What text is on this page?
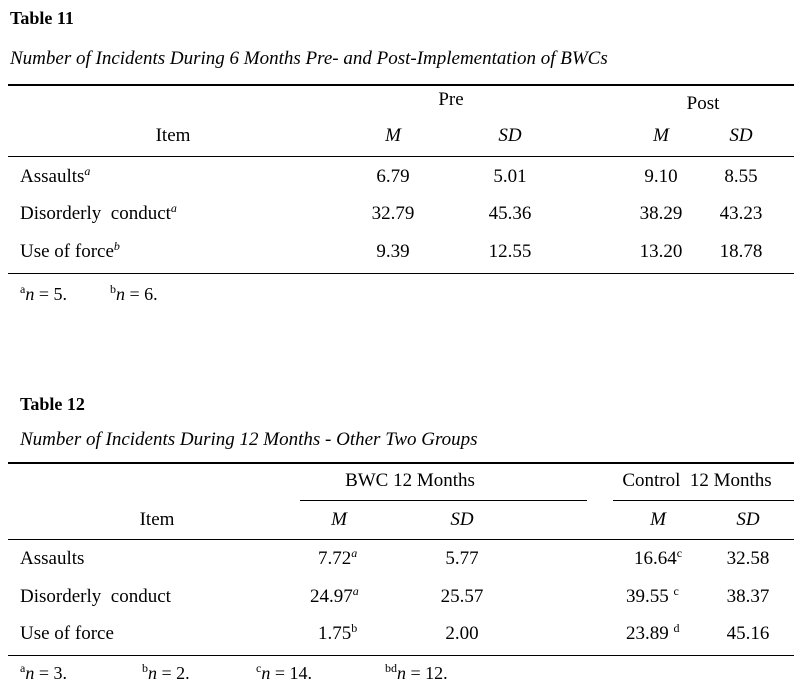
Table 11
Number of Incidents During 6 Months Pre- and Post-Implementation of BWCs
Pre	Post
Item	M	SD	M	SD
Assaults$^a$	6.79	5.01	9.10 8.55
Disorderly  conduct$^a$	32.79	45.36	38.29 43.23
Use of force$^b$	9.39	12.55	13.20 18.78
$^a$n = 5.	$^b$n = 6.
Table 12
Number of Incidents During 12 Months - Other Two Groups
BWC 12 Months	Control  12 Months
Item	M	SD	M	SD
Assaults	7.72$^a$	5.77	16.64$^c$ 32.58
Disorderly  conduct	24.97$^a$	25.57	39.55 $^c$	38.37
Use of force	1.75$^b$	2.00	23.89 $^d$ 45.16
$^a$n = 3.	$^b$n = 2.	$^c$n = 14.	$^{bd}$n = 12.
